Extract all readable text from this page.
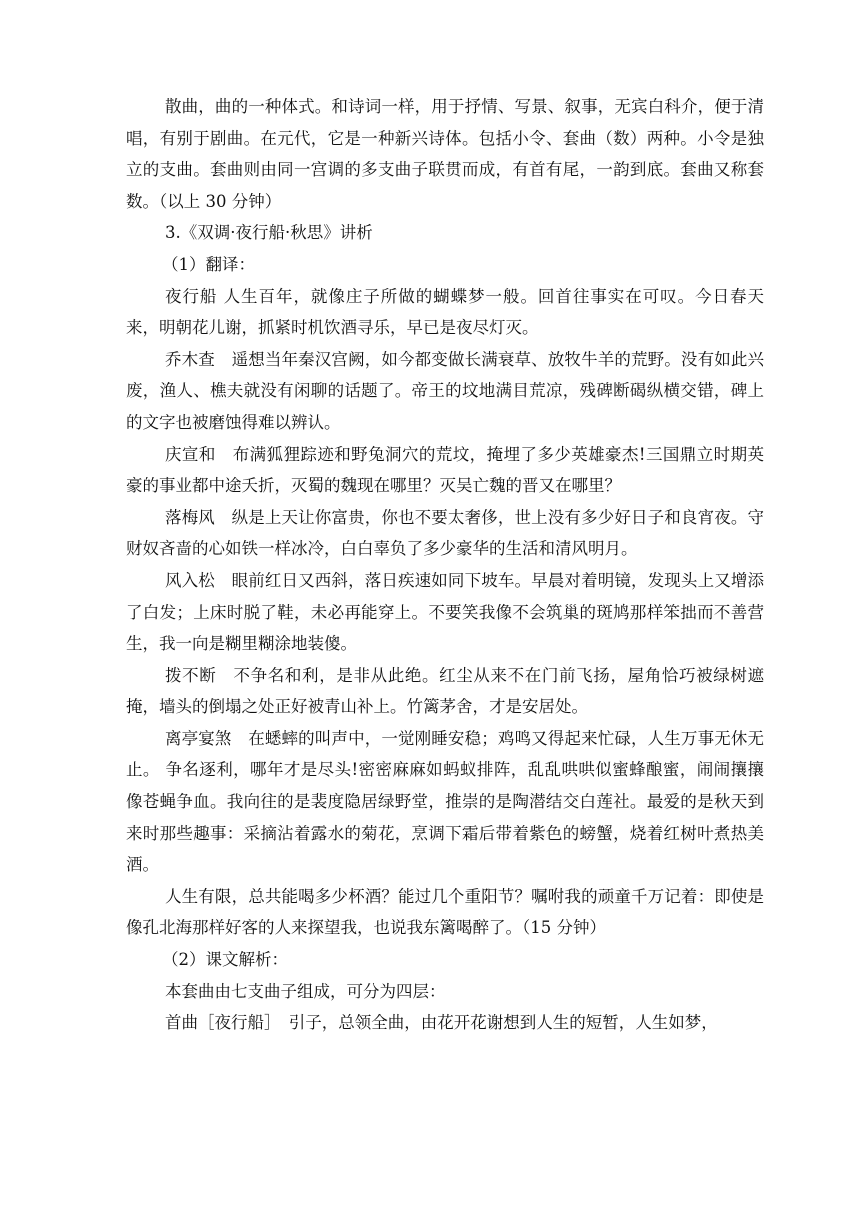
散曲，曲的一种体式。和诗词一样，用于抒情、写景、叙事，无宾白科介，便于清唱，有别于剧曲。在元代，它是一种新兴诗体。包括小令、套曲（数）两种。小令是独立的支曲。套曲则由同一宫调的多支曲子联贯而成，有首有尾，一韵到底。套曲又称套数。（以上 30 分钟）

3.《双调·夜行船·秋思》讲析

（1）翻译：

夜行船 人生百年，就像庄子所做的蝴蝶梦一般。回首往事实在可叹。今日春天来，明朝花儿谢，抓紧时机饮酒寻乐，早已是夜尽灯灭。

乔木查　遥想当年秦汉宫阙，如今都变做长满衰草、放牧牛羊的荒野。没有如此兴废，渔人、樵夫就没有闲聊的话题了。帝王的坟地满目荒凉，残碑断碣纵横交错，碑上的文字也被磨蚀得难以辨认。

庆宣和　布满狐狸踪迹和野兔洞穴的荒坟，掩埋了多少英雄豪杰!三国鼎立时期英豪的事业都中途夭折，灭蜀的魏现在哪里？灭吴亡魏的晋又在哪里？

落梅风　纵是上天让你富贵，你也不要太奢侈，世上没有多少好日子和良宵夜。守财奴吝啬的心如铁一样冰冷，白白辜负了多少豪华的生活和清风明月。

风入松　眼前红日又西斜，落日疾速如同下坡车。早晨对着明镜，发现头上又增添了白发；上床时脱了鞋，未必再能穿上。不要笑我像不会筑巢的斑鸠那样笨拙而不善营生，我一向是糊里糊涂地装傻。

拨不断　不争名和利，是非从此绝。红尘从来不在门前飞扬，屋角恰巧被绿树遮掩，墙头的倒塌之处正好被青山补上。竹篱茅舍，才是安居处。

离亭宴煞　在蟋蟀的叫声中，一觉刚睡安稳；鸡鸣又得起来忙碌，人生万事无休无止。 争名逐利，哪年才是尽头!密密麻麻如蚂蚁排阵，乱乱哄哄似蜜蜂酿蜜，闹闹攘攘像苍蝇争血。我向往的是裴度隐居绿野堂，推崇的是陶潜结交白莲社。最爱的是秋天到来时那些趣事：采摘沾着露水的菊花，烹调下霜后带着紫色的螃蟹，烧着红树叶煮热美酒。

人生有限，总共能喝多少杯酒？能过几个重阳节？嘱咐我的顽童千万记着：即使是像孔北海那样好客的人来探望我，也说我东篱喝醉了。（15 分钟）

（2）课文解析：

本套曲由七支曲子组成，可分为四层：

首曲［夜行船］　引子，总领全曲，由花开花谢想到人生的短暂，人生如梦，
